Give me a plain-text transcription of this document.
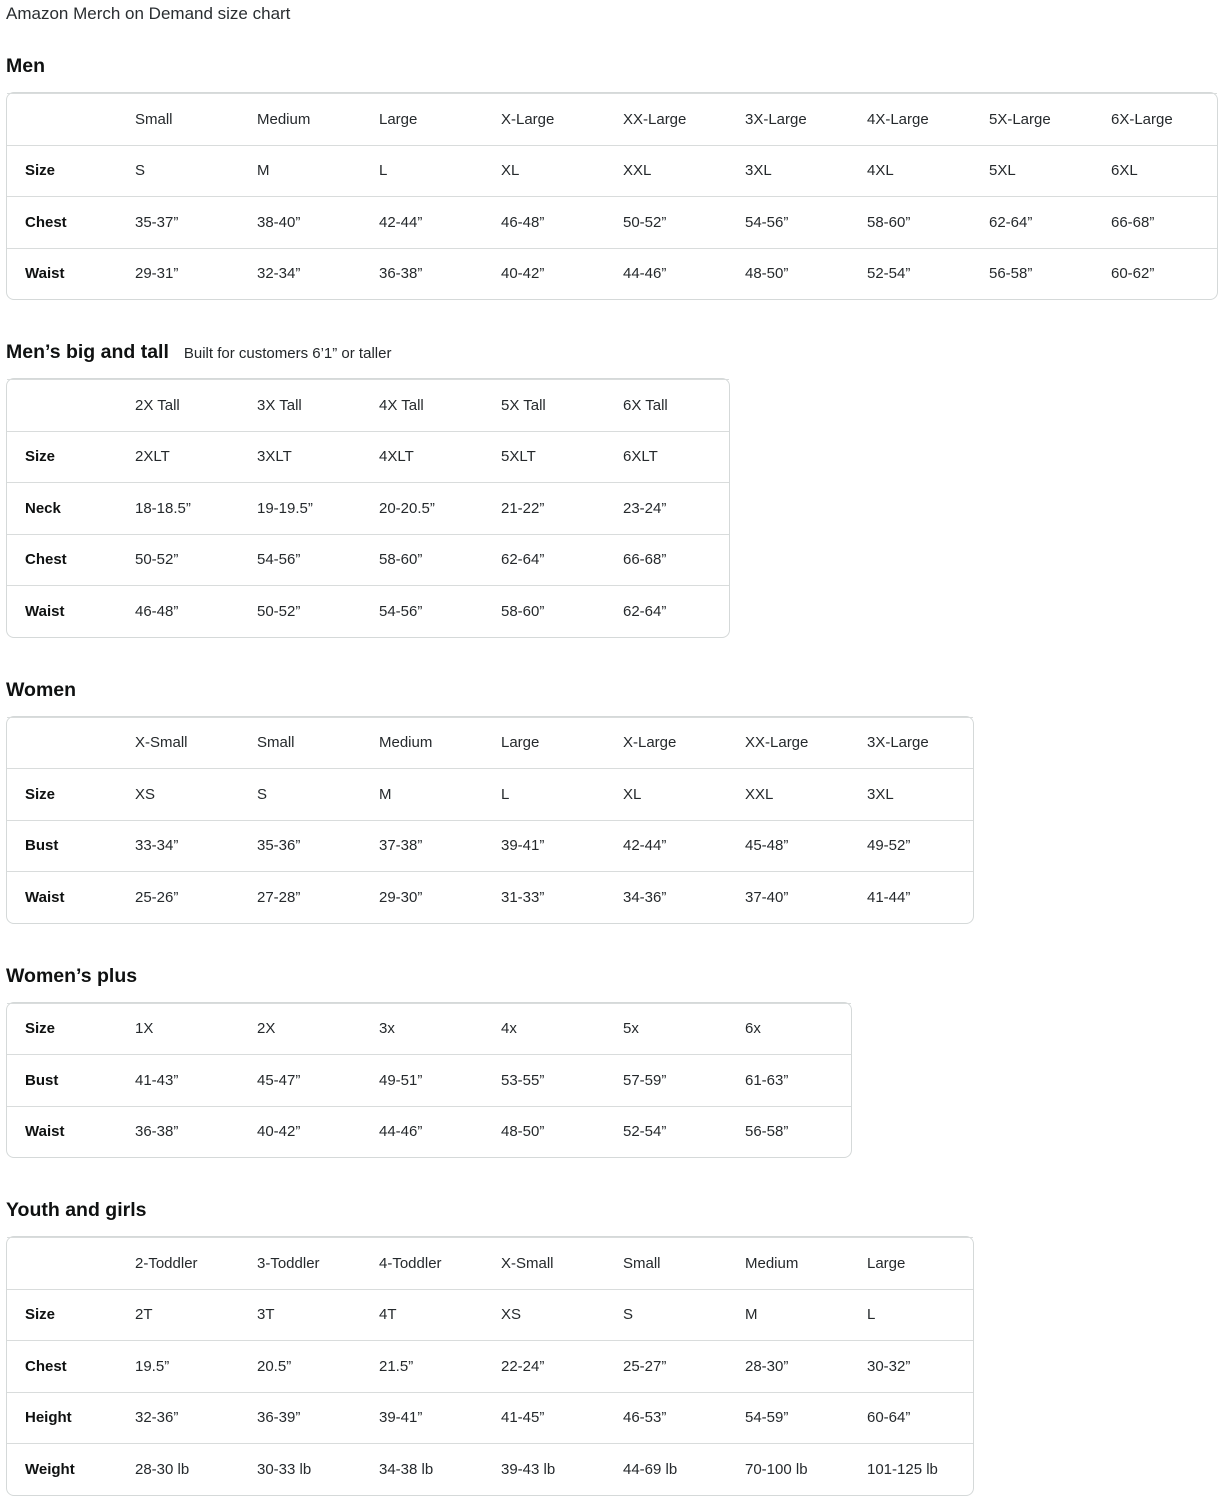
Amazon Merch on Demand size chart
Men
	Small	Medium	Large	X-Large	XX-Large	3X-Large	4X-Large	5X-Large	6X-Large
Size	S	M	L	XL	XXL	3XL	4XL	5XL	6XL
Chest	35-37”	38-40”	42-44”	46-48”	50-52”	54-56”	58-60”	62-64”	66-68”
Waist	29-31”	32-34”	36-38”	40-42”	44-46”	48-50”	52-54”	56-58”	60-62”
Men’s big and tall Built for customers 6’1” or taller
	2X Tall	3X Tall	4X Tall	5X Tall	6X Tall
Size	2XLT	3XLT	4XLT	5XLT	6XLT
Neck	18-18.5”	19-19.5”	20-20.5”	21-22”	23-24”
Chest	50-52”	54-56”	58-60”	62-64”	66-68”
Waist	46-48”	50-52”	54-56”	58-60”	62-64”
Women
	X-Small	Small	Medium	Large	X-Large	XX-Large	3X-Large
Size	XS	S	M	L	XL	XXL	3XL
Bust	33-34”	35-36”	37-38”	39-41”	42-44”	45-48”	49-52”
Waist	25-26”	27-28”	29-30”	31-33”	34-36”	37-40”	41-44”
Women’s plus
Size	1X	2X	3x	4x	5x	6x
Bust	41-43”	45-47”	49-51”	53-55”	57-59”	61-63”
Waist	36-38”	40-42”	44-46”	48-50”	52-54”	56-58”
Youth and girls
	2-Toddler	3-Toddler	4-Toddler	X-Small	Small	Medium	Large
Size	2T	3T	4T	XS	S	M	L
Chest	19.5”	20.5”	21.5”	22-24”	25-27”	28-30”	30-32”
Height	32-36”	36-39”	39-41”	41-45”	46-53”	54-59”	60-64”
Weight	28-30 lb	30-33 lb	34-38 lb	39-43 lb	44-69 lb	70-100 lb	101-125 lb
